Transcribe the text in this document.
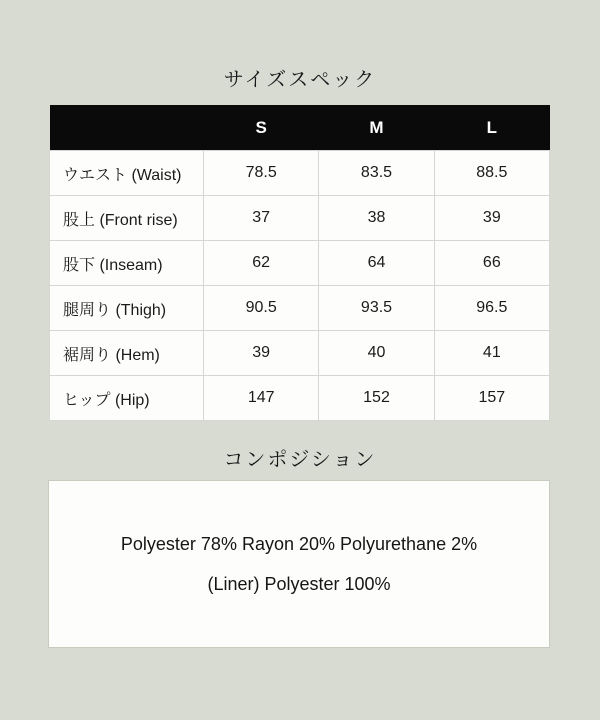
サイズスペック
	S	M	L
ウエスト (Waist)	78.5	83.5	88.5
股上 (Front rise)	37	38	39
股下 (Inseam)	62	64	66
腿周り (Thigh)	90.5	93.5	96.5
裾周り (Hem)	39	40	41
ヒップ (Hip)	147	152	157
コンポジション

Polyester 78% Rayon 20% Polyurethane 2%

(Liner) Polyester 100%
